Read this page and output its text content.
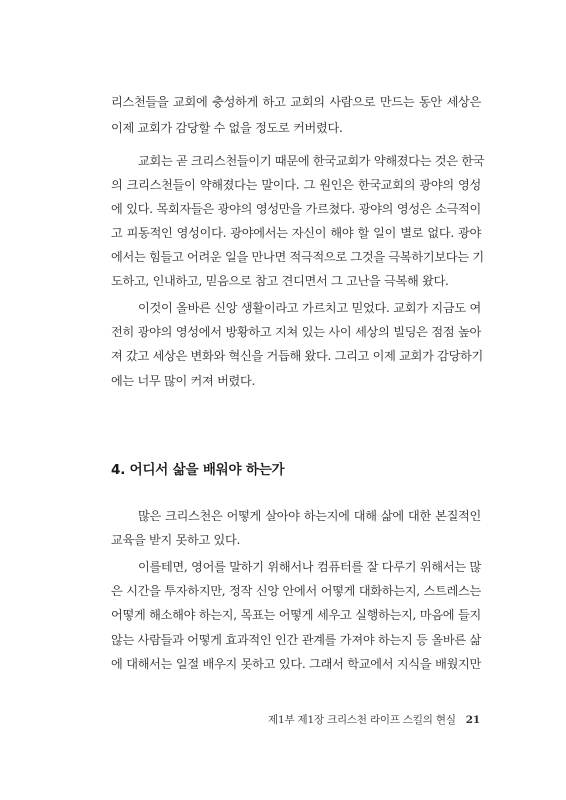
리스천들을 교회에 충성하게 하고 교회의 사람으로 만드는 동안 세상은
이제 교회가 감당할 수 없을 정도로 커버렸다.
교회는 곧 크리스천들이기 때문에 한국교회가 약해졌다는 것은 한국
의 크리스천들이 약해졌다는 말이다. 그 원인은 한국교회의 광야의 영성
에 있다. 목회자들은 광야의 영성만을 가르쳤다. 광야의 영성은 소극적이
고 피동적인 영성이다. 광야에서는 자신이 해야 할 일이 별로 없다. 광야
에서는 힘들고 어려운 일을 만나면 적극적으로 그것을 극복하기보다는 기
도하고, 인내하고, 믿음으로 참고 견디면서 그 고난을 극복해 왔다.
이것이 올바른 신앙 생활이라고 가르치고 믿었다. 교회가 지금도 여
전히 광야의 영성에서 방황하고 지쳐 있는 사이 세상의 빌딩은 점점 높아
져 갔고 세상은 변화와 혁신을 거듭해 왔다. 그리고 이제 교회가 감당하기
에는 너무 많이 커져 버렸다.
4. 어디서 삶을 배워야 하는가
많은 크리스천은 어떻게 살아야 하는지에 대해 삶에 대한 본질적인
교육을 받지 못하고 있다.
이를테면, 영어를 말하기 위해서나 컴퓨터를 잘 다루기 위해서는 많
은 시간을 투자하지만, 정작 신앙 안에서 어떻게 대화하는지, 스트레스는
어떻게 해소해야 하는지, 목표는 어떻게 세우고 실행하는지, 마음에 들지
않는 사람들과 어떻게 효과적인 인간 관계를 가져야 하는지 등 올바른 삶
에 대해서는 일절 배우지 못하고 있다. 그래서 학교에서 지식을 배웠지만
제1부 제1장 크리스천 라이프 스킬의 현실 21
